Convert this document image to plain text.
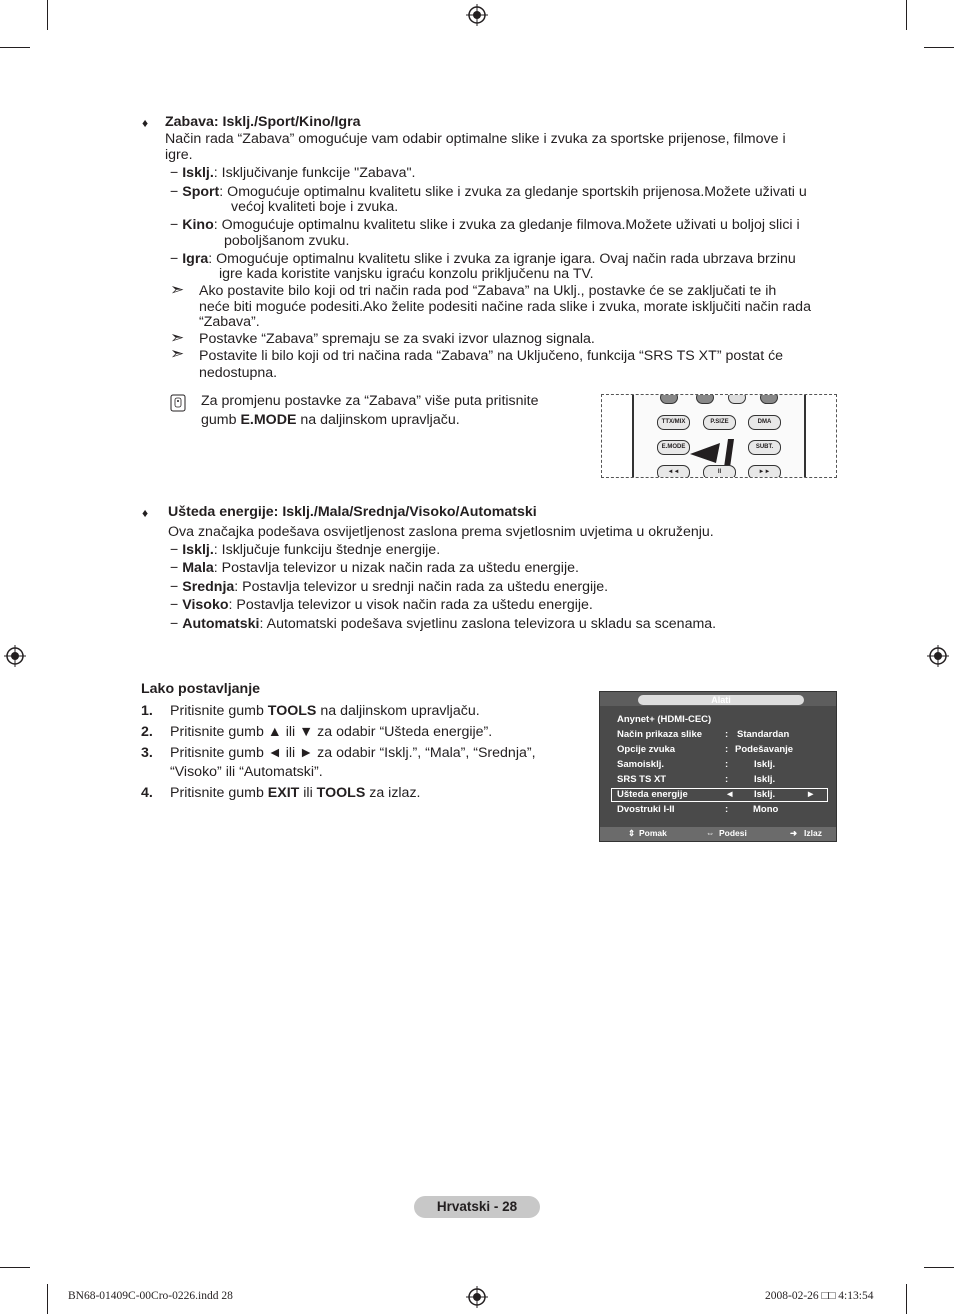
♦ Zabava: Isklj./Sport/Kino/Igra
Način rada “Zabava” omogućuje vam odabir optimalne slike i zvuka za sportske prijenose, filmove i
igre.
− Isklj.: Isključivanje funkcije "Zabava".
− Sport: Omogućuje optimalnu kvalitetu slike i zvuka za gledanje sportskih prijenosa.Možete uživati u
većoj kvaliteti boje i zvuka.
− Kino: Omogućuje optimalnu kvalitetu slike i zvuka za gledanje filmova.Možete uživati u boljoj slici i
poboljšanom zvuku.
− Igra: Omogućuje optimalnu kvalitetu slike i zvuka za igranje igara. Ovaj način rada ubrzava brzinu
igre kada koristite vanjsku igraću konzolu priključenu na TV.
➣ Ako postavite bilo koji od tri način rada pod “Zabava” na Uklj., postavke će se zaključati te ih
neće biti moguće podesiti.Ako želite podesiti načine rada slike i zvuka, morate isključiti način rada
“Zabava”.
➣ Postavke “Zabava” spremaju se za svaki izvor ulaznog signala.
➣ Postavite li bilo koji od tri načina rada “Zabava” na Uključeno, funkcija “SRS TS XT” postat će
nedostupna.
Za promjenu postavke za “Zabava” više puta pritisnite
gumb E.MODE na daljinskom upravljaču.	TTX/MIX	P.SIZE	DMA
E.MODE	SUBT.
◄◄	ll	►►
♦ Ušteda energije: Isklj./Mala/Srednja/Visoko/Automatski
Ova značajka podešava osvijetljenost zaslona prema svjetlosnim uvjetima u okruženju.
− Isklj.: Isključuje funkciju štednje energije.
− Mala: Postavlja televizor u nizak način rada za uštedu energije.
− Srednja: Postavlja televizor u srednji način rada za uštedu energije.
− Visoko: Postavlja televizor u visok način rada za uštedu energije.
− Automatski: Automatski podešava svjetlinu zaslona televizora u skladu sa scenama.
Lako postavljanje
1. Pritisnite gumb TOOLS na daljinskom upravljaču.
2. Pritisnite gumb ▲ ili ▼ za odabir “Ušteda energije”.
3. Pritisnite gumb ◄ ili ► za odabir “Isklj.”, “Mala”, “Srednja”,
“Visoko” ili “Automatski”.
4. Pritisnite gumb EXIT ili TOOLS za izlaz.
Alati
Anynet+ (HDMI-CEC)
Način prikaza slike : Standardan
Opcije zvuka	: Podešavanje
Samoisklj.	:	Isklj.
SRS TS XT	:	Isklj.
Ušteda energije	◄ Isklj.	►
Dvostruki I-II	:	Mono
⇕ Pomak	⇔ Podesi	➜ Izlaz
Hrvatski - 28
BN68-01409C-00Cro-0226.indd 28	2008-02-26 □□ 4:13:54
